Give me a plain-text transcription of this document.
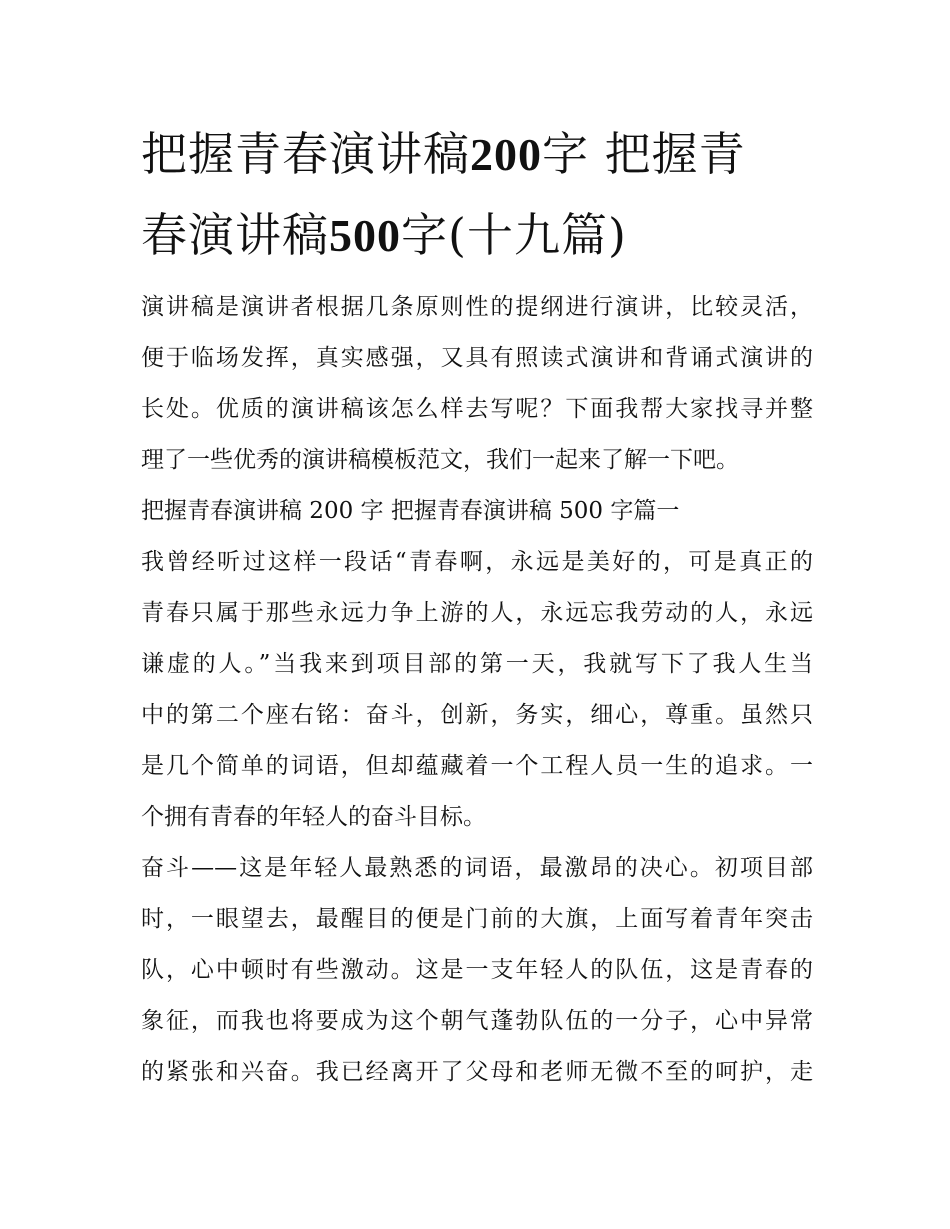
把握青春演讲稿200字 把握青
春演讲稿500字(十九篇)
演讲稿是演讲者根据几条原则性的提纲进行演讲，比较灵活，
便于临场发挥，真实感强，又具有照读式演讲和背诵式演讲的
长处。优质的演讲稿该怎么样去写呢？下面我帮大家找寻并整
理了一些优秀的演讲稿模板范文，我们一起来了解一下吧。
把握青春演讲稿 200 字 把握青春演讲稿 500 字篇一
我曾经听过这样一段话“青春啊，永远是美好的，可是真正的
青春只属于那些永远力争上游的人，永远忘我劳动的人，永远
谦虚的人。”当我来到项目部的第一天，我就写下了我人生当
中的第二个座右铭：奋斗，创新，务实，细心，尊重。虽然只
是几个简单的词语，但却蕴藏着一个工程人员一生的追求。一
个拥有青春的年轻人的奋斗目标。
奋斗——这是年轻人最熟悉的词语，最激昂的决心。初项目部
时，一眼望去，最醒目的便是门前的大旗，上面写着青年突击
队，心中顿时有些激动。这是一支年轻人的队伍，这是青春的
象征，而我也将要成为这个朝气蓬勃队伍的一分子，心中异常
的紧张和兴奋。我已经离开了父母和老师无微不至的呵护，走
